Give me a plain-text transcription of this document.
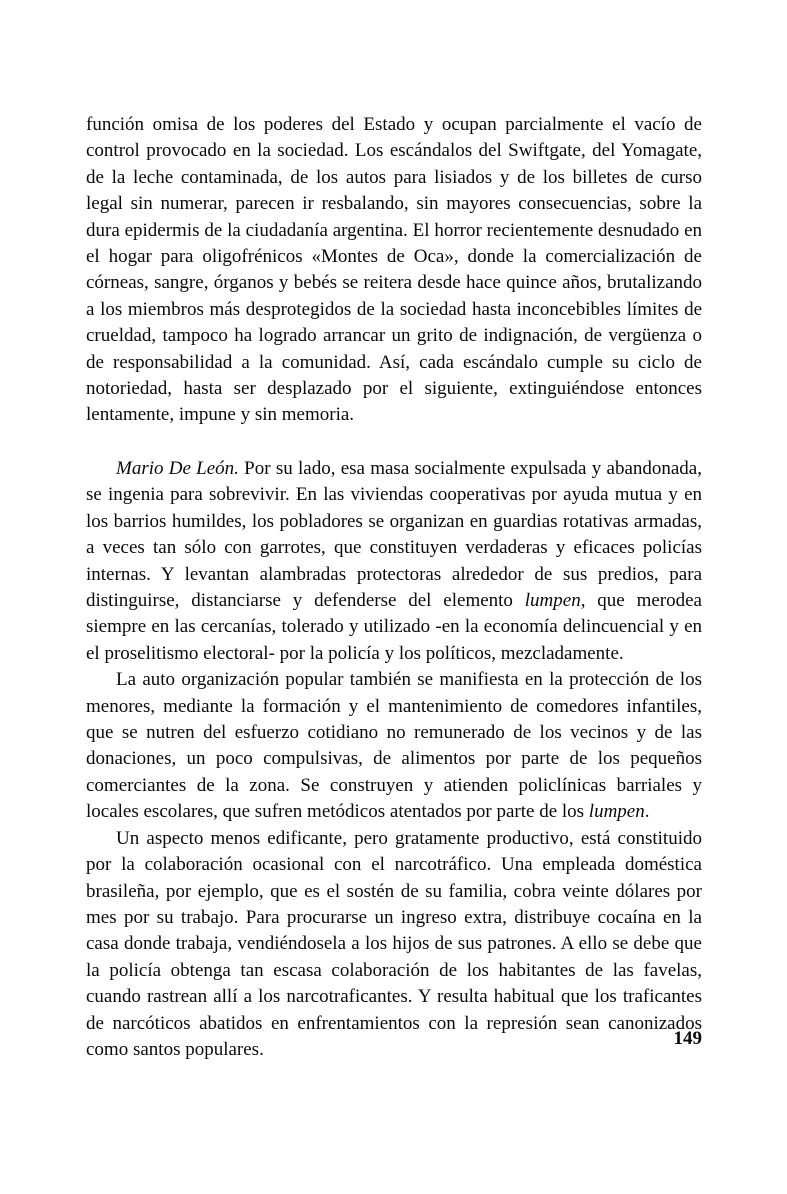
función omisa de los poderes del Estado y ocupan parcialmente el vacío de control provocado en la sociedad. Los escándalos del Swiftgate, del Yomagate, de la leche contaminada, de los autos para lisiados y de los billetes de curso legal sin numerar, parecen ir resbalando, sin mayores consecuencias, sobre la dura epidermis de la ciudadanía argentina. El horror recientemente desnudado en el hogar para oligofrénicos «Montes de Oca», donde la comercialización de córneas, sangre, órganos y bebés se reitera desde hace quince años, brutalizando a los miembros más desprotegidos de la sociedad hasta inconcebibles límites de crueldad, tampoco ha logrado arrancar un grito de indignación, de vergüenza o de responsabilidad a la comunidad. Así, cada escándalo cumple su ciclo de notoriedad, hasta ser desplazado por el siguiente, extinguiéndose entonces lentamente, impune y sin memoria.

Mario De León. Por su lado, esa masa socialmente expulsada y abandonada, se ingenia para sobrevivir. En las viviendas cooperativas por ayuda mutua y en los barrios humildes, los pobladores se organizan en guardias rotativas armadas, a veces tan sólo con garrotes, que constituyen verdaderas y eficaces policías internas. Y levantan alambradas protectoras alrededor de sus predios, para distinguirse, distanciarse y defenderse del elemento lumpen, que merodea siempre en las cercanías, tolerado y utilizado -en la economía delincuencial y en el proselitismo electoral- por la policía y los políticos, mezcladamente.

La auto organización popular también se manifiesta en la protección de los menores, mediante la formación y el mantenimiento de comedores infantiles, que se nutren del esfuerzo cotidiano no remunerado de los vecinos y de las donaciones, un poco compulsivas, de alimentos por parte de los pequeños comerciantes de la zona. Se construyen y atienden policlínicas barriales y locales escolares, que sufren metódicos atentados por parte de los lumpen.

Un aspecto menos edificante, pero gratamente productivo, está constituido por la colaboración ocasional con el narcotráfico. Una empleada doméstica brasileña, por ejemplo, que es el sostén de su familia, cobra veinte dólares por mes por su trabajo. Para procurarse un ingreso extra, distribuye cocaína en la casa donde trabaja, vendiéndosela a los hijos de sus patrones. A ello se debe que la policía obtenga tan escasa colaboración de los habitantes de las favelas, cuando rastrean allí a los narcotraficantes. Y resulta habitual que los traficantes de narcóticos abatidos en enfrentamientos con la represión sean canonizados como santos populares.

149
